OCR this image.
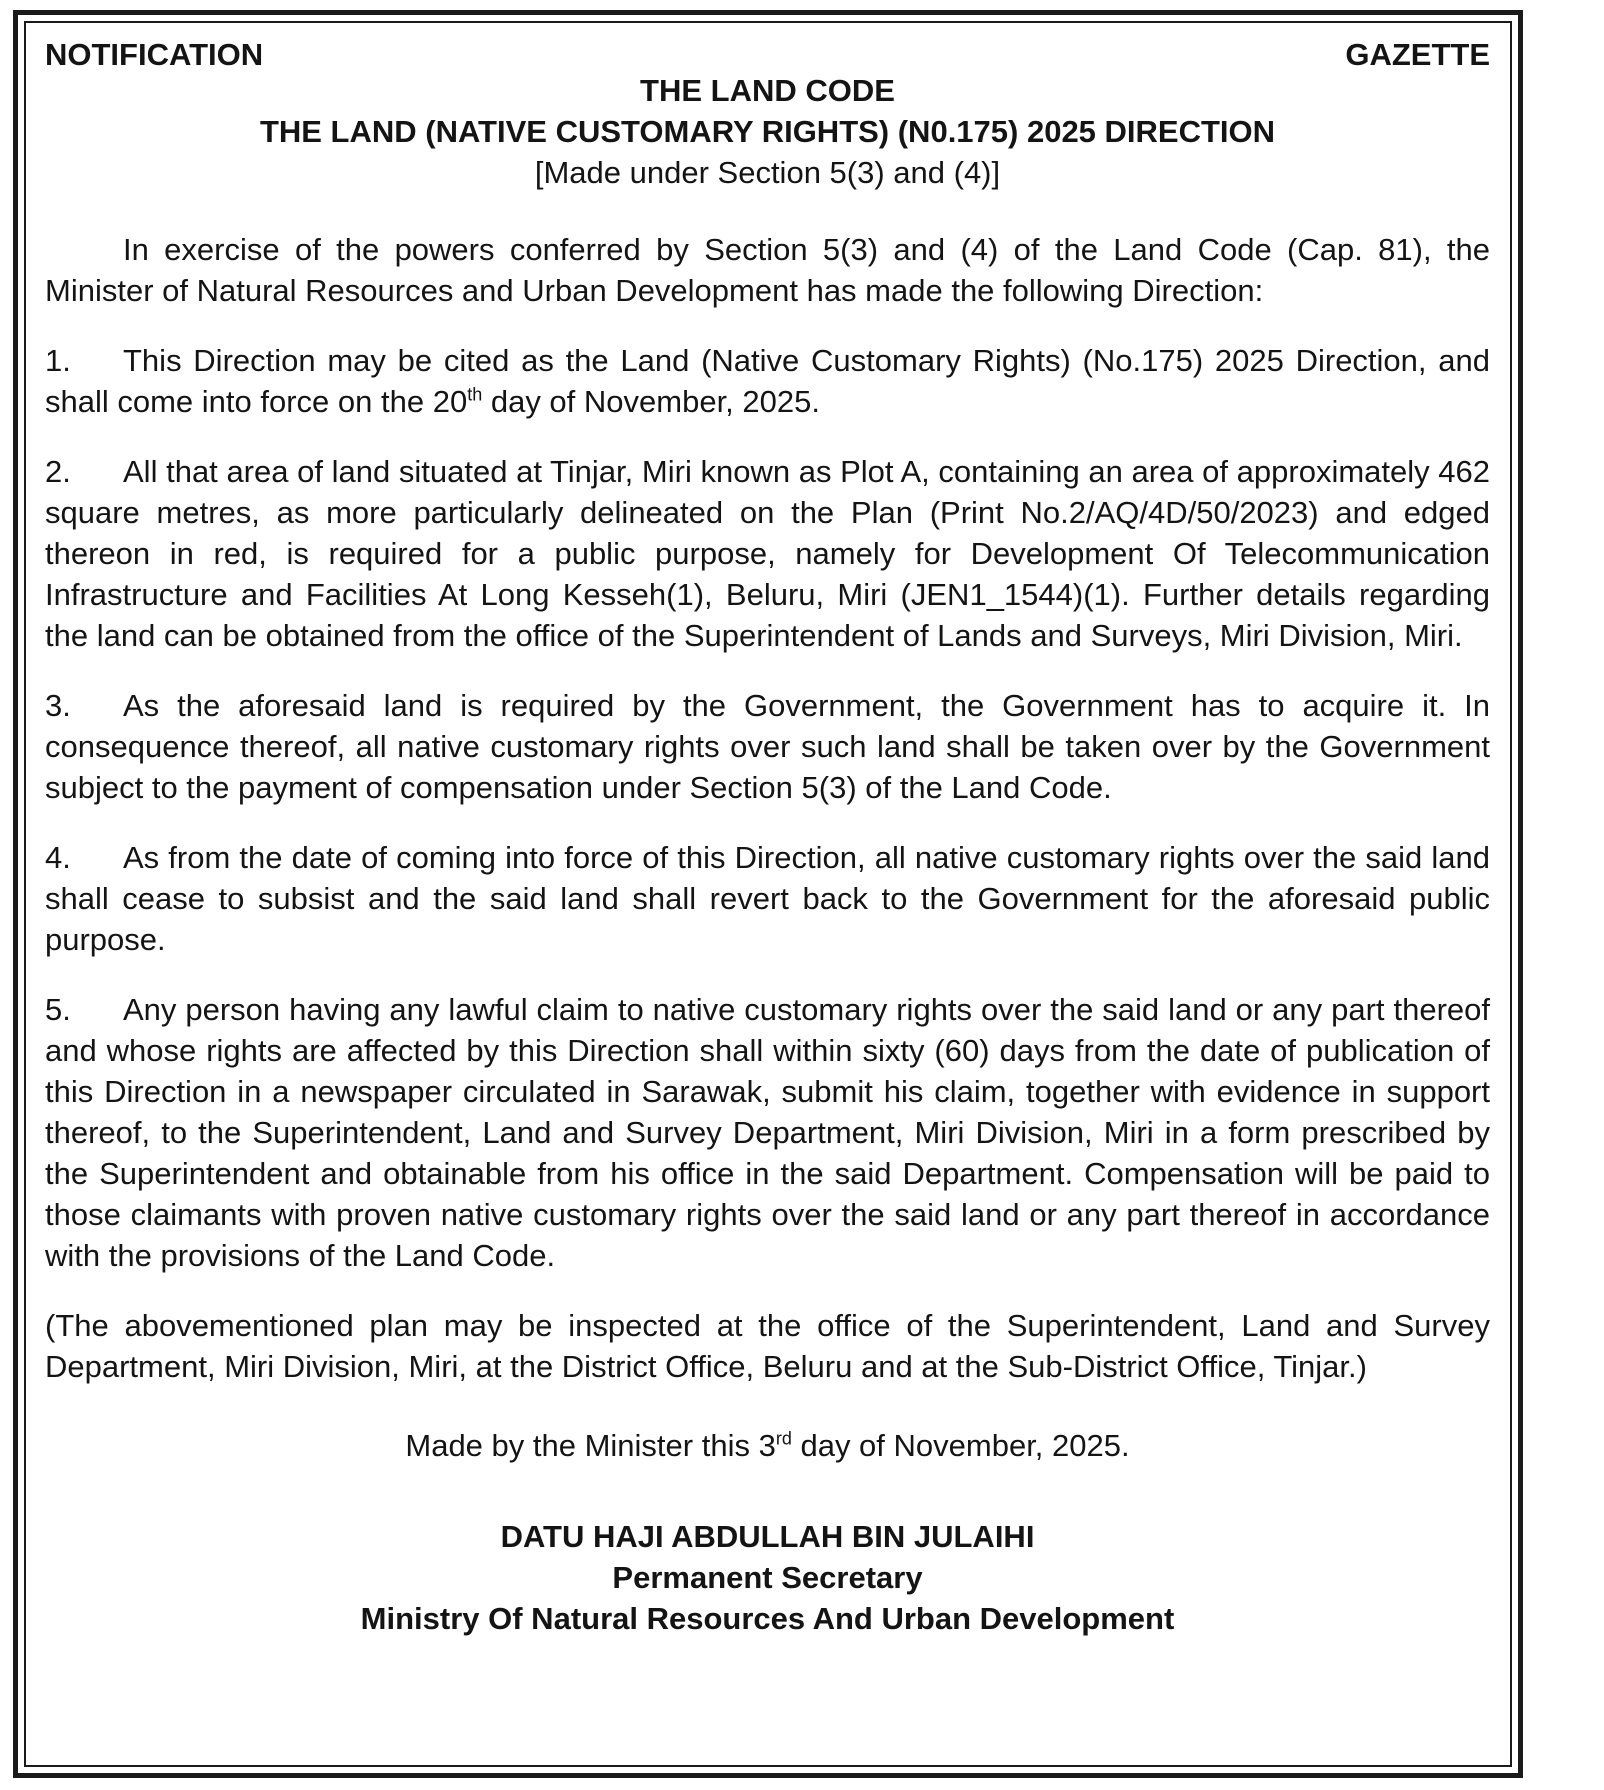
NOTIFICATION	GAZETTE
THE LAND CODE
THE LAND (NATIVE CUSTOMARY RIGHTS) (N0.175) 2025 DIRECTION
[Made under Section 5(3) and (4)]

In exercise of the powers conferred by Section 5(3) and (4) of the Land Code (Cap. 81), the Minister of Natural Resources and Urban Development has made the following Direction:

1. This Direction may be cited as the Land (Native Customary Rights) (No.175) 2025 Direction, and shall come into force on the 20th day of November, 2025.

2. All that area of land situated at Tinjar, Miri known as Plot A, containing an area of approximately 462 square metres, as more particularly delineated on the Plan (Print No.2/AQ/4D/50/2023) and edged thereon in red, is required for a public purpose, namely for Development Of Telecommunication Infrastructure and Facilities At Long Kesseh(1), Beluru, Miri (JEN1_1544)(1). Further details regarding the land can be obtained from the office of the Superintendent of Lands and Surveys, Miri Division, Miri.

3. As the aforesaid land is required by the Government, the Government has to acquire it. In consequence thereof, all native customary rights over such land shall be taken over by the Government subject to the payment of compensation under Section 5(3) of the Land Code.

4. As from the date of coming into force of this Direction, all native customary rights over the said land shall cease to subsist and the said land shall revert back to the Government for the aforesaid public purpose.

5. Any person having any lawful claim to native customary rights over the said land or any part thereof and whose rights are affected by this Direction shall within sixty (60) days from the date of publication of this Direction in a newspaper circulated in Sarawak, submit his claim, together with evidence in support thereof, to the Superintendent, Land and Survey Department, Miri Division, Miri in a form prescribed by the Superintendent and obtainable from his office in the said Department. Compensation will be paid to those claimants with proven native customary rights over the said land or any part thereof in accordance with the provisions of the Land Code.

(The abovementioned plan may be inspected at the office of the Superintendent, Land and Survey Department, Miri Division, Miri, at the District Office, Beluru and at the Sub-District Office, Tinjar.)

Made by the Minister this 3rd day of November, 2025.
DATU HAJI ABDULLAH BIN JULAIHI
Permanent Secretary
Ministry Of Natural Resources And Urban Development
